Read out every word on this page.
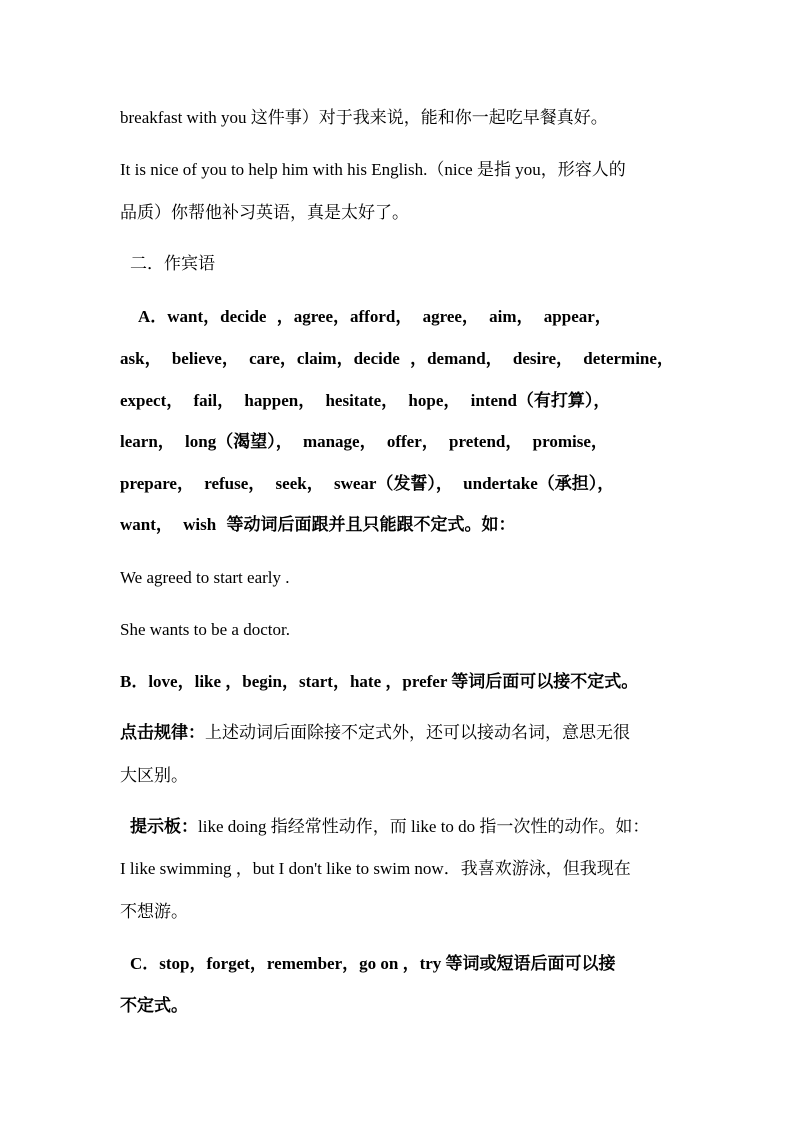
breakfast with you 这件事）对于我来说，能和你一起吃早餐真好。
It is nice of you to help him with his English.（nice 是指 you，形容人的
品质）你帮他补习英语，真是太好了。
二．作宾语
A．want，decide ，agree，afford， agree， aim， appear，
ask， believe， care，claim，decide ，demand， desire， determine，
expect， fail， happen， hesitate， hope， intend（有打算），
learn， long（渴望）， manage， offer， pretend， promise，
prepare， refuse， seek， swear（发誓）， undertake（承担），
want， wish 等动词后面跟并且只能跟不定式。如：
We agreed to start early .
She wants to be a doctor.
B．love，like ，begin，start，hate ，prefer 等词后面可以接不定式。
点击规律：上述动词后面除接不定式外，还可以接动名词，意思无很
大区别。
提示板：like doing 指经常性动作，而 like to do 指一次性的动作。如：
I like swimming ，but I don't like to swim now．我喜欢游泳，但我现在
不想游。
C．stop，forget，remember，go on ，try 等词或短语后面可以接
不定式。
